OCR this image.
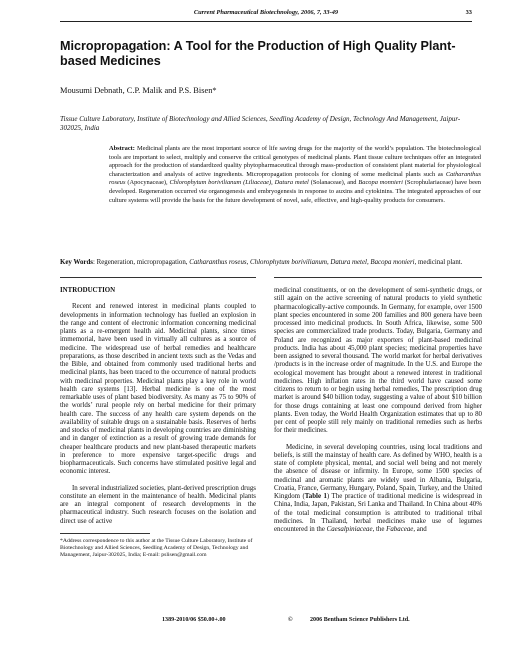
Current Pharmaceutical Biotechnology, 2006, 7, 33-49	33
Micropropagation: A Tool for the Production of High Quality Plant-based Medicines
Mousumi Debnath, C.P. Malik and P.S. Bisen*
Tissue Culture Laboratory, Institute of Biotechnology and Allied Sciences, Seedling Academy of Design, Technology And Management, Jaipur-302025, India
Abstract: Medicinal plants are the most important source of life saving drugs for the majority of the world’s population. The biotechnological tools are important to select, multiply and conserve the critical genotypes of medicinal plants. Plant tissue culture techniques offer an integrated approach for the production of standardized quality phytopharmaceutical through mass-production of consistent plant material for physiological characterization and analysis of active ingredients. Micropropagation protocols for cloning of some medicinal plants such as Catharanthus roseus (Apocynaceae), Chlorophytum borivilianum (Liliaceae), Datura metel (Solanaceae), and Bacopa monnieri (Scrophulariaceae) have been developed. Regeneration occurred via organogenesis and embryogenesis in response to auxins and cytokinins. The integrated approaches of our culture systems will provide the basis for the future development of novel, safe, effective, and high-quality products for consumers.
Key Words: Regeneration, micropropagation, Catharanthus roseus, Chlorophytum borivilianum, Datura metel, Bacopa monieri, medicinal plant.
INTRODUCTION

Recent and renewed interest in medicinal plants coupled to developments in information technology has fuelled an explosion in the range and content of electronic information concerning medicinal plants as a re-emergent health aid. Medicinal plants, since times immemorial, have been used in virtually all cultures as a source of medicine. The widespread use of herbal remedies and healthcare preparations, as those described in ancient texts such as the Vedas and the Bible, and obtained from commonly used traditional herbs and medicinal plants, has been traced to the occurrence of natural products with medicinal properties. Medicinal plants play a key role in world health care systems [13]. Herbal medicine is one of the most remarkable uses of plant based biodiversity. As many as 75 to 90% of the worlds’ rural people rely on herbal medicine for their primary health care. The success of any health care system depends on the availability of suitable drugs on a sustainable basis. Reserves of herbs and stocks of medicinal plants in developing countries are diminishing and in danger of extinction as a result of growing trade demands for cheaper healthcare products and new plant-based therapeutic markets in preference to more expensive target-specific drugs and biopharmaceuticals. Such concerns have stimulated positive legal and economic interest.

In several industrialized societies, plant-derived prescription drugs constitute an element in the maintenance of health. Medicinal plants are an integral component of research developments in the pharmaceutical industry. Such research focuses on the isolation and direct use of active

medicinal constituents, or on the development of semi-synthetic drugs, or still again on the active screening of natural products to yield synthetic pharmacologically-active compounds. In Germany, for example, over 1500 plant species encountered in some 200 families and 800 genera have been processed into medicinal products. In South Africa, likewise, some 500 species are commercialized trade products. Today, Bulgaria, Germany and Poland are recognized as major exporters of plant-based medicinal products. India has about 45,000 plant species; medicinal properties have been assigned to several thousand. The world market for herbal derivatives /products is in the increase order of magnitude. In the U.S. and Europe the ecological movement has brought about a renewed interest in traditional medicines. High inflation rates in the third world have caused some citizens to return to or begin using herbal remedies, The prescription drug market is around $40 billion today, suggesting a value of about $10 billion for those drugs containing at least one compound derived from higher plants. Even today, the World Health Organization estimates that up to 80 per cent of people still rely mainly on traditional remedies such as herbs for their medicines.

Medicine, in several developing countries, using local traditions and beliefs, is still the mainstay of health care. As defined by WHO, health is a state of complete physical, mental, and social well being and not merely the absence of disease or infirmity. In Europe, some 1500 species of medicinal and aromatic plants are widely used in Albania, Bulgaria, Croatia, France, Germany, Hungary, Poland, Spain, Turkey, and the United Kingdom (Table 1) The practice of traditional medicine is widespread in China, India, Japan, Pakistan, Sri Lanka and Thailand. In China about 40% of the total medicinal consumption is attributed to traditional tribal medicines. In Thailand, herbal medicines make use of legumes encountered in the Caesalpiniaceae, the Fabaceae, and

*Address correspondence to this author at the Tissue Culture Laboratory, Institute of Biotechnology and Allied Sciences, Seedling Academy of Design, Technology and Management, Jaipur-302025, India; E-mail: pslisen@gmail.com
1389-2010/06 $50.00+.00	©	2006 Bentham Science Publishers Ltd.
